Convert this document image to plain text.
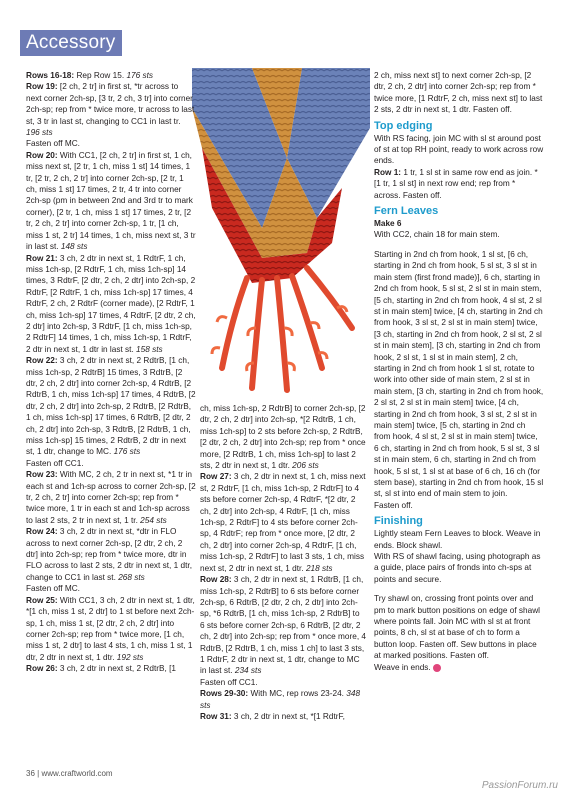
Accessory

Rows 16-18: Rep Row 15. 176 sts

Row 19: [2 ch, 2 tr] in first st, *tr across to next corner 2ch-sp, [3 tr, 2 ch, 3 tr] into corner 2ch-sp; rep from * twice more, tr across to last st, 3 tr in last st, changing to CC1 in last tr. 196 sts

Fasten off MC.

Row 20: With CC1, [2 ch, 2 tr] in first st, 1 ch, miss next st, [2 tr, 1 ch, miss 1 st] 14 times, 1 tr, [2 tr, 2 ch, 2 tr] into corner 2ch-sp, [2 tr, 1 ch, miss 1 st] 17 times, 2 tr, 4 tr into corner 2ch-sp (pm in between 2nd and 3rd tr to mark corner), [2 tr, 1 ch, miss 1 st] 17 times, 2 tr, [2 tr, 2 ch, 2 tr] into corner 2ch-sp, 1 tr, [1 ch, miss 1 st, 2 tr] 14 times, 1 ch, miss next st, 3 tr in last st. 148 sts

Row 21: 3 ch, 2 dtr in next st, 1 RdtrF, 1 ch, miss 1ch-sp, [2 RdtrF, 1 ch, miss 1ch-sp] 14 times, 3 RdtrF, [2 dtr, 2 ch, 2 dtr] into 2ch-sp, 2 RdtrF, [2 RdtrF, 1 ch, miss 1ch-sp] 17 times, 4 RdtrF, 2 ch, 2 RdtrF (corner made), [2 RdtrF, 1 ch, miss 1ch-sp] 17 times, 4 RdtrF, [2 dtr, 2 ch, 2 dtr] into 2ch-sp, 3 RdtrF, [1 ch, miss 1ch-sp, 2 RdtrF] 14 times, 1 ch, miss 1ch-sp, 1 RdtrF, 2 dtr in next st, 1 dtr in last st. 158 sts

Row 22: 3 ch, 2 dtr in next st, 2 RdtrB, [1 ch, miss 1ch-sp, 2 RdtrB] 15 times, 3 RdtrB, [2 dtr, 2 ch, 2 dtr] into corner 2ch-sp, 4 RdtrB, [2 RdtrB, 1 ch, miss 1ch-sp] 17 times, 4 RdtrB, [2 dtr, 2 ch, 2 dtr] into 2ch-sp, 2 RdtrB, [2 RdtrB, 1 ch, miss 1ch-sp] 17 times, 6 RdtrB, [2 dtr, 2 ch, 2 dtr] into 2ch-sp, 3 RdtrB, [2 RdtrB, 1 ch, miss 1ch-sp] 15 times, 2 RdtrB, 2 dtr in next st, 1 dtr, change to MC. 176 sts

Fasten off CC1.

Row 23: With MC, 2 ch, 2 tr in next st, *1 tr in each st and 1ch-sp across to corner 2ch-sp, [2 tr, 2 ch, 2 tr] into corner 2ch-sp; rep from * twice more, 1 tr in each st and 1ch-sp across to last 2 sts, 2 tr in next st, 1 tr. 254 sts

Row 24: 3 ch, 2 dtr in next st, *dtr in FLO across to next corner 2ch-sp, [2 dtr, 2 ch, 2 dtr] into 2ch-sp; rep from * twice more, dtr in FLO across to last 2 sts, 2 dtr in next st, 1 dtr, change to CC1 in last st. 268 sts

Fasten off MC.

Row 25: With CC1, 3 ch, 2 dtr in next st, 1 dtr, *[1 ch, miss 1 st, 2 dtr] to 1 st before next 2ch-sp, 1 ch, miss 1 st, [2 dtr, 2 ch, 2 dtr] into corner 2ch-sp; rep from * twice more, [1 ch, miss 1 st, 2 dtr] to last 4 sts, 1 ch, miss 1 st, 1 dtr, 2 dtr in next st, 1 dtr. 192 sts

Row 26: 3 ch, 2 dtr in next st, 2 RdtrB, [1

ch, miss 1ch-sp, 2 RdtrB] to corner 2ch-sp, [2 dtr, 2 ch, 2 dtr] into 2ch-sp, *[2 RdtrB, 1 ch, miss 1ch-sp] to 2 sts before 2ch-sp, 2 RdtrB, [2 dtr, 2 ch, 2 dtr] into 2ch-sp; rep from * once more, [2 RdtrB, 1 ch, miss 1ch-sp] to last 2 sts, 2 dtr in next st, 1 dtr. 206 sts

Row 27: 3 ch, 2 dtr in next st, 1 ch, miss next st, 2 RdtrF, [1 ch, miss 1ch-sp, 2 RdtrF] to 4 sts before corner 2ch-sp, 4 RdtrF, *[2 dtr, 2 ch, 2 dtr] into 2ch-sp, 4 RdtrF, [1 ch, miss 1ch-sp, 2 RdtrF] to 4 sts before corner 2ch-sp, 4 RdtrF; rep from * once more, [2 dtr, 2 ch, 2 dtr] into corner 2ch-sp, 4 RdtrF, [1 ch, miss 1ch-sp, 2 RdtrF] to last 3 sts, 1 ch, miss next st, 2 dtr in next st, 1 dtr. 218 sts

Row 28: 3 ch, 2 dtr in next st, 1 RdtrB, [1 ch, miss 1ch-sp, 2 RdtrB] to 6 sts before corner 2ch-sp, 6 RdtrB, [2 dtr, 2 ch, 2 dtr] into 2ch-sp, *6 RdtrB, [1 ch, miss 1ch-sp, 2 RdtrB] to 6 sts before corner 2ch-sp, 6 RdtrB, [2 dtr, 2 ch, 2 dtr] into 2ch-sp; rep from * once more, 4 RdtrB, [2 RdtrB, 1 ch, miss 1 ch] to last 3 sts, 1 RdtrF, 2 dtr in next st, 1 dtr, change to MC in last st. 234 sts

Fasten off CC1.

Rows 29-30: With MC, rep rows 23-24. 348 sts

Row 31: 3 ch, 2 dtr in next st, *[1 RdtrF,

2 ch, miss next st] to next corner 2ch-sp, [2 dtr, 2 ch, 2 dtr] into corner 2ch-sp; rep from * twice more, [1 RdtrF, 2 ch, miss next st] to last 2 sts, 2 dtr in next st, 1 dtr. Fasten off.

Top edging

With RS facing, join MC with sl st around post of st at top RH point, ready to work across row ends.

Row 1: 1 tr, 1 sl st in same row end as join. *[1 tr, 1 sl st] in next row end; rep from * across. Fasten off.

Fern Leaves

Make 6

With CC2, chain 18 for main stem.

Starting in 2nd ch from hook, 1 sl st, [6 ch, starting in 2nd ch from hook, 5 sl st, 3 sl st in main stem (first frond made)], 6 ch, starting in 2nd ch from hook, 5 sl st, 2 sl st in main stem, [5 ch, starting in 2nd ch from hook, 4 sl st, 2 sl st in main stem] twice, [4 ch, starting in 2nd ch from hook, 3 sl st, 2 sl st in main stem] twice, [3 ch, starting in 2nd ch from hook, 2 sl st, 2 sl st in main stem], [3 ch, starting in 2nd ch from hook, 2 sl st, 1 sl st in main stem], 2 ch, starting in 2nd ch from hook 1 sl st, rotate to work into other side of main stem, 2 sl st in main stem, [3 ch, starting in 2nd ch from hook, 2 sl st, 2 sl st in main stem] twice, [4 ch, starting in 2nd ch from hook, 3 sl st, 2 sl st in main stem] twice, [5 ch, starting in 2nd ch from hook, 4 sl st, 2 sl st in main stem] twice, 6 ch, starting in 2nd ch from hook, 5 sl st, 3 sl st in main stem, 6 ch, starting in 2nd ch from hook, 5 sl st, 1 sl st at base of 6 ch, 16 ch (for stem base), starting in 2nd ch from hook, 15 sl st, sl st into end of main stem to join.

Fasten off.

Finishing

Lightly steam Fern Leaves to block. Weave in ends. Block shawl.

With RS of shawl facing, using photograph as a guide, place pairs of fronds into ch-sps at points and secure.

Try shawl on, crossing front points over and pm to mark button positions on edge of shawl where points fall. Join MC with sl st at front points, 8 ch, sl st at base of ch to form a button loop. Fasten off. Sew buttons in place at marked positions. Fasten off.

Weave in ends.

36 | www.craftworld.com
PassionForum.ru
